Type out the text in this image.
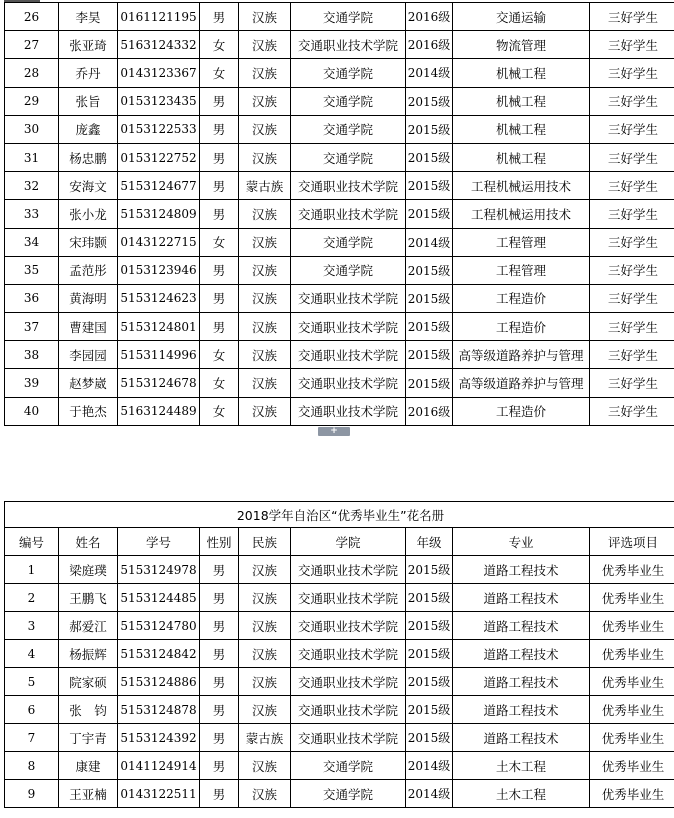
26	李昊	0161121195	男	汉族	交通学院	2016级	交通运输	三好学生
27	张亚琦	5163124332	女	汉族	交通职业技术学院	2016级	物流管理	三好学生
28	乔丹	0143123367	女	汉族	交通学院	2014级	机械工程	三好学生
29	张旨	0153123435	男	汉族	交通学院	2015级	机械工程	三好学生
30	庞鑫	0153122533	男	汉族	交通学院	2015级	机械工程	三好学生
31	杨忠鹏	0153122752	男	汉族	交通学院	2015级	机械工程	三好学生
32	安海文	5153124677	男	蒙古族	交通职业技术学院	2015级	工程机械运用技术	三好学生
33	张小龙	5153124809	男	汉族	交通职业技术学院	2015级	工程机械运用技术	三好学生
34	宋玮颢	0143122715	女	汉族	交通学院	2014级	工程管理	三好学生
35	孟范彤	0153123946	男	汉族	交通学院	2015级	工程管理	三好学生
36	黄海明	5153124623	男	汉族	交通职业技术学院	2015级	工程造价	三好学生
37	曹建国	5153124801	男	汉族	交通职业技术学院	2015级	工程造价	三好学生
38	李园园	5153114996	女	汉族	交通职业技术学院	2015级	高等级道路养护与管理	三好学生
39	赵梦崴	5153124678	女	汉族	交通职业技术学院	2015级	高等级道路养护与管理	三好学生
40	于艳杰	5163124489	女	汉族	交通职业技术学院	2016级	工程造价	三好学生
+
2018学年自治区“优秀毕业生”花名册								
编号	姓名	学号	性别	民族	学院	年级	专业	评选项目
1	梁庭璞	5153124978	男	汉族	交通职业技术学院	2015级	道路工程技术	优秀毕业生
2	王鹏飞	5153124485	男	汉族	交通职业技术学院	2015级	道路工程技术	优秀毕业生
3	郝爱江	5153124780	男	汉族	交通职业技术学院	2015级	道路工程技术	优秀毕业生
4	杨振辉	5153124842	男	汉族	交通职业技术学院	2015级	道路工程技术	优秀毕业生
5	院家硕	5153124886	男	汉族	交通职业技术学院	2015级	道路工程技术	优秀毕业生
6	张　钧	5153124878	男	汉族	交通职业技术学院	2015级	道路工程技术	优秀毕业生
7	丁宇青	5153124392	男	蒙古族	交通职业技术学院	2015级	道路工程技术	优秀毕业生
8	康建	0141124914	男	汉族	交通学院	2014级	土木工程	优秀毕业生
9	王亚楠	0143122511	男	汉族	交通学院	2014级	土木工程	优秀毕业生
